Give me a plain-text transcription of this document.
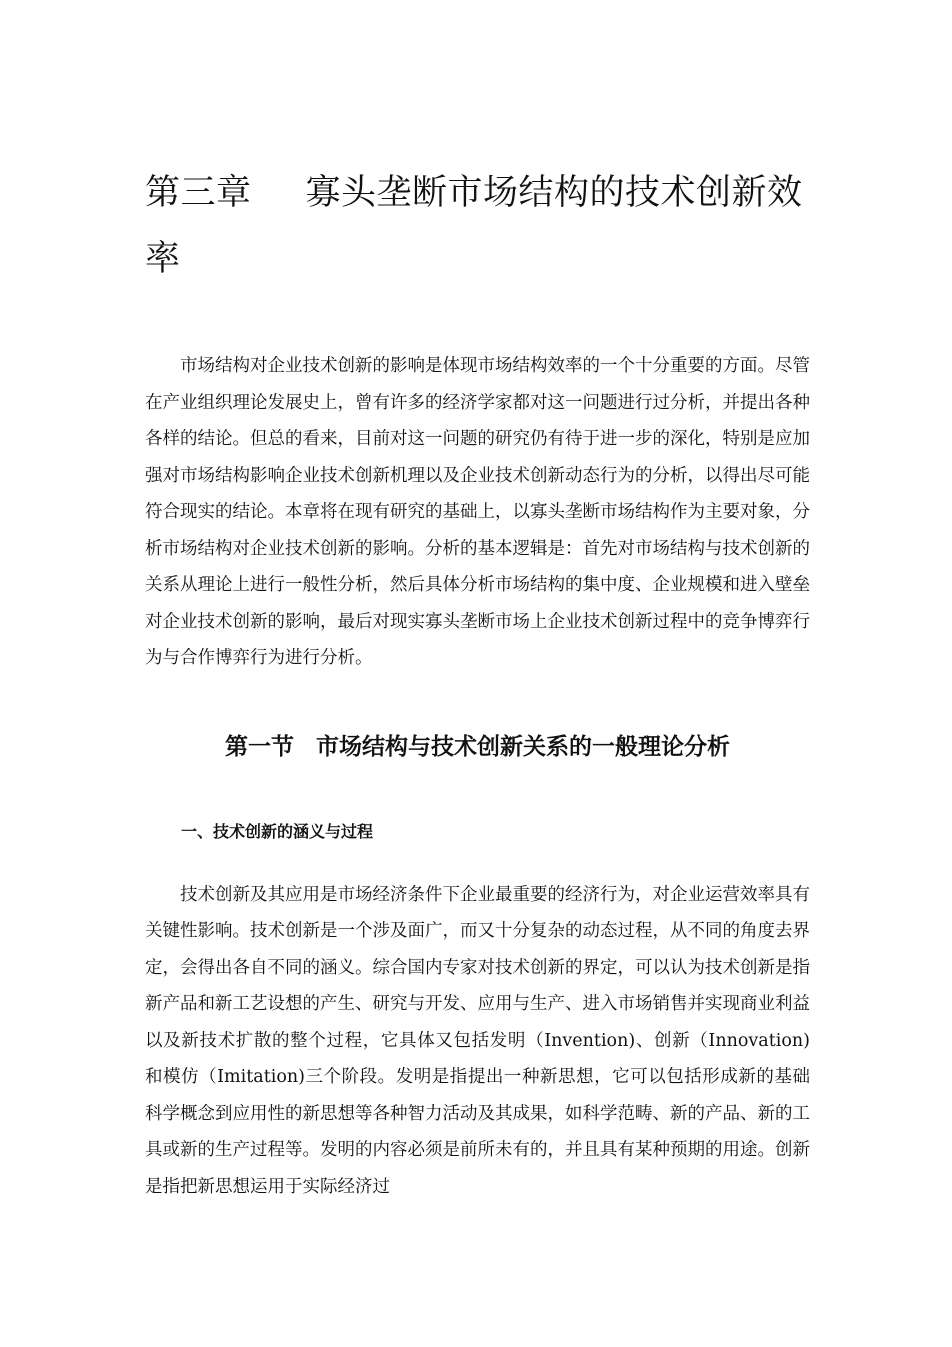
第三章 寡头垄断市场结构的技术创新效率

市场结构对企业技术创新的影响是体现市场结构效率的一个十分重要的方面。尽管在产业组织理论发展史上，曾有许多的经济学家都对这一问题进行过分析，并提出各种各样的结论。但总的看来，目前对这一问题的研究仍有待于进一步的深化，特别是应加强对市场结构影响企业技术创新机理以及企业技术创新动态行为的分析，以得出尽可能符合现实的结论。本章将在现有研究的基础上，以寡头垄断市场结构作为主要对象，分析市场结构对企业技术创新的影响。分析的基本逻辑是：首先对市场结构与技术创新的关系从理论上进行一般性分析，然后具体分析市场结构的集中度、企业规模和进入壁垒对企业技术创新的影响，最后对现实寡头垄断市场上企业技术创新过程中的竞争博弈行为与合作博弈行为进行分析。

第一节 市场结构与技术创新关系的一般理论分析
一、技术创新的涵义与过程

技术创新及其应用是市场经济条件下企业最重要的经济行为，对企业运营效率具有关键性影响。技术创新是一个涉及面广，而又十分复杂的动态过程，从不同的角度去界定，会得出各自不同的涵义。综合国内专家对技术创新的界定，可以认为技术创新是指新产品和新工艺设想的产生、研究与开发、应用与生产、进入市场销售并实现商业利益以及新技术扩散的整个过程，它具体又包括发明（Invention)、创新（Innovation)和模仿（Imitation)三个阶段。发明是指提出一种新思想，它可以包括形成新的基础科学概念到应用性的新思想等各种智力活动及其成果，如科学范畴、新的产品、新的工具或新的生产过程等。发明的内容必须是前所未有的，并且具有某种预期的用途。创新是指把新思想运用于实际经济过
